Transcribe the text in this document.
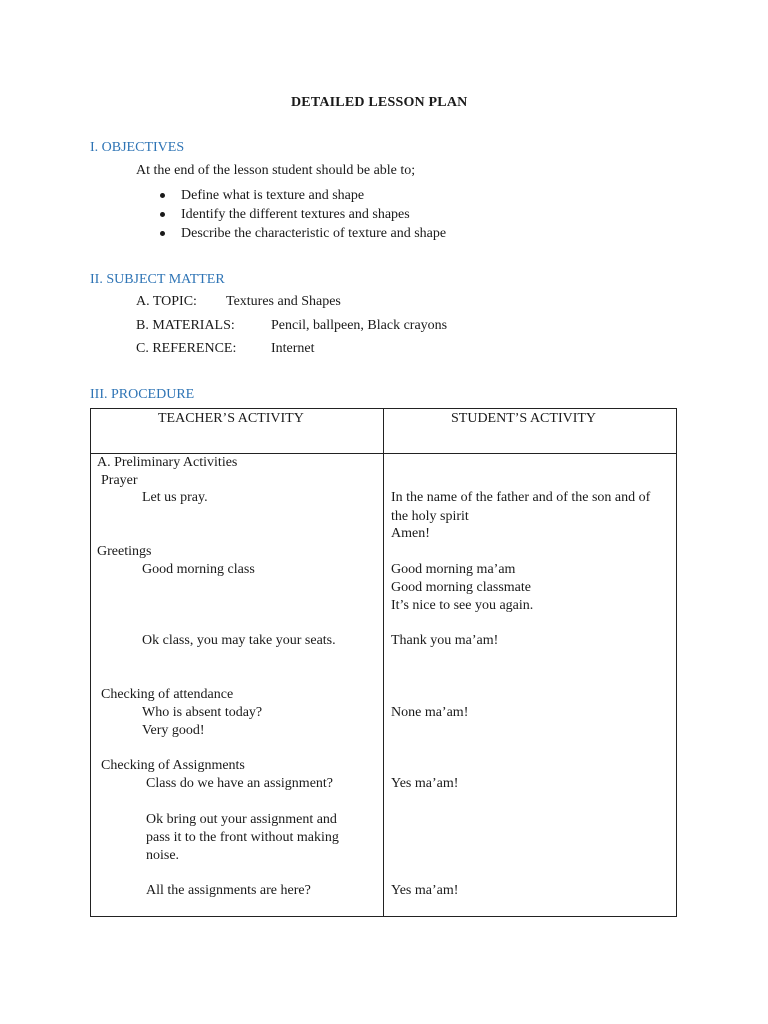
DETAILED LESSON PLAN
I. OBJECTIVES
At the end of the lesson student should be able to;
Define what is texture and shape
Identify the different textures and shapes
Describe the characteristic of texture and shape
II. SUBJECT MATTER
A. TOPIC: Textures and Shapes
B. MATERIALS:	Pencil, ballpeen, Black crayons
C. REFERENCE: Internet
III. PROCEDURE
TEACHER’S ACTIVITY	STUDENT’S ACTIVITY
A. Preliminary Activities
Prayer
Let us pray.
Greetings
Good morning class
Ok class, you may take your seats.
Checking of attendance
Who is absent today?
Very good!
Checking of Assignments
Class do we have an assignment?
Ok bring out your assignment and
pass it to the front without making
noise.
All the assignments are here?
In the name of the father and of the son and of
the holy spirit
Amen!
Good morning ma’am
Good morning classmate
It’s nice to see you again.
Thank you ma’am!
None ma’am!
Yes ma’am!
Yes ma’am!
